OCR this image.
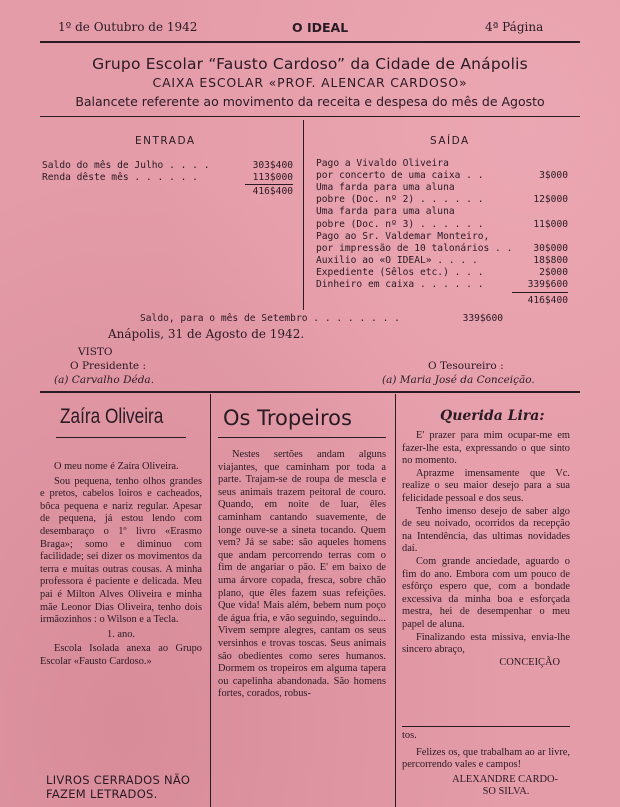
1º de Outubro de 1942	O IDEAL	4ª Página
Grupo Escolar “Fausto Cardoso” da Cidade de Anápolis
CAIXA ESCOLAR «PROF. ALENCAR CARDOSO»
Balancete referente ao movimento da receita e despesa do mês de Agosto
ENTRADA
Saldo do mês de Julho . . . .	303$400
Renda dêste mês . . . . . .	113$000
416$400
SAÍDA
Pago a Vivaldo Oliveira
por concerto de uma caixa . .	3$000
Uma farda para uma aluna
pobre (Doc. nº 2) . . . . . .	12$000
Uma farda para uma aluna
pobre (Doc. nº 3) . . . . . .	11$000
Pago ao Sr. Valdemar Monteiro,
por impressão de 10 talonários . .	30$000
Auxilio ao «O IDEAL» . . . .	18$800
Expediente (Sêlos etc.) . . .	2$000
Dinheiro em caixa . . . . . .	339$600
416$400
Saldo, para o mês de Setembro . . . . . . . .	339$600
Anápolis, 31 de Agosto de 1942.
VISTO
O Presidente :
(a) Carvalho Déda.
O Tesoureiro :
(a) Maria José da Conceição.
Zaíra Oliveira

O meu nome é Zaíra Oliveira.

Sou pequena, tenho olhos grandes e pretos, cabelos loiros e cacheados, bôca pequena e nariz regular. Apesar de pequena, já estou lendo com desembaraço o 1º livro «Erasmo Braga»; somo e diminuo com facilidade; sei dizer os movimentos da terra e muitas outras cousas. A minha professora é paciente e delicada. Meu pai é Milton Alves Oliveira e minha mãe Leonor Dias Oliveira, tenho dois irmãozinhos : o Wilson e a Tecla.

1. ano.

Escola Isolada anexa ao Grupo Escolar «Fausto Cardoso.»

LIVROS CERRADOS NÃO FAZEM LETRADOS.
Os Tropeiros

Nestes sertões andam alguns viajantes, que caminham por toda a parte. Trajam-se de roupa de mescla e seus animais trazem peitoral de couro. Quando, em noite de luar, êles caminham cantando suavemente, de longe ouve-se a sineta tocando. Quem vem? Já se sabe: são aqueles homens que andam percorrendo terras com o fim de angariar o pão. E' em baixo de uma árvore copada, fresca, sobre chão plano, que êles fazem suas refeições. Que vida! Mais além, bebem num poço de água fria, e vão seguindo, seguindo... Vivem sempre alegres, cantam os seus versinhos e trovas toscas. Seus animais são obedientes como seres humanos. Dormem os tropeiros em alguma tapera ou capelinha abandonada. São homens fortes, corados, robus-

Querida Lira:

E' prazer para mim ocupar-me em fazer-lhe esta, expressando o que sinto no momento.

Aprazme imensamente que Vc. realize o seu maior desejo para a sua felicidade pessoal e dos seus.

Tenho imenso desejo de saber algo de seu noivado, ocorridos da recepção na Intendência, das ultimas novidades daí.

Com grande anciedade, aguardo o fim do ano. Embora com um pouco de esfôrço espero que, com a bondade excessiva da minha boa e esforçada mestra, hei de desempenhar o meu papel de aluna.

Finalizando esta missiva, envia-lhe sincero abraço,

CONCEIÇÃO

tos.

Felizes os, que trabalham ao ar livre, percorrendo vales e campos!

ALEXANDRE CARDO-

SO SILVA.
